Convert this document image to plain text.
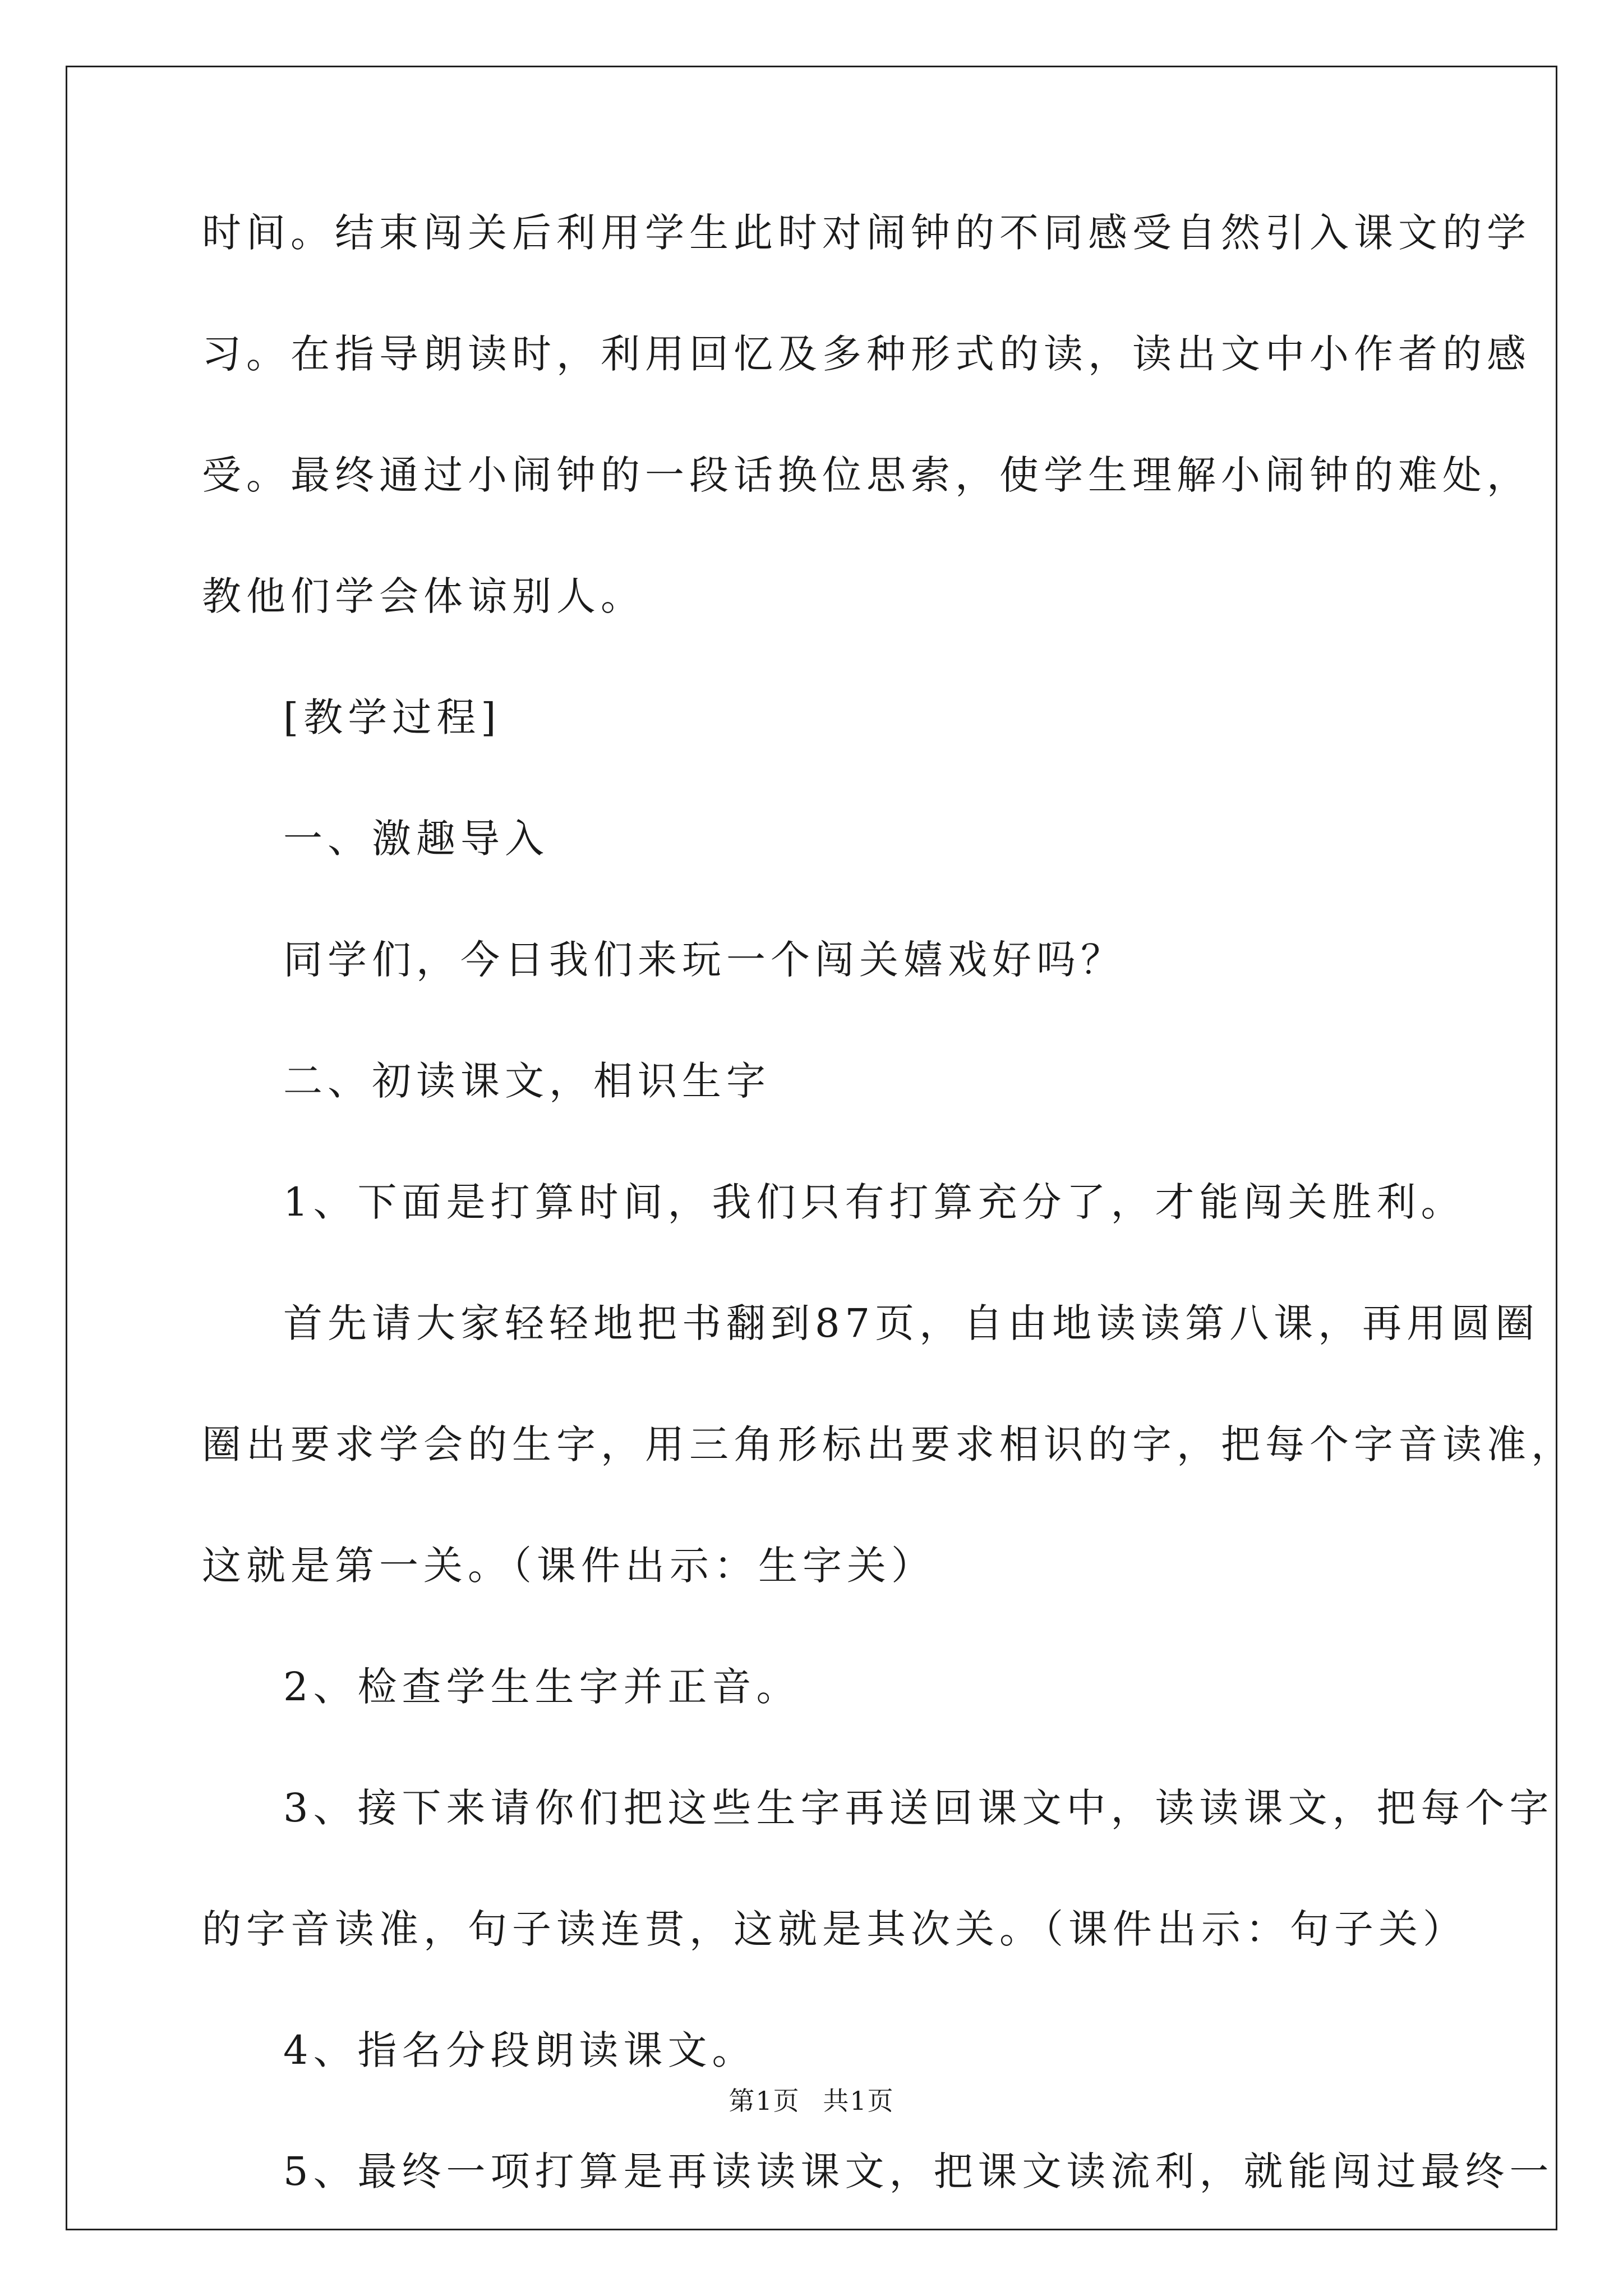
时间。结束闯关后利用学生此时对闹钟的不同感受自然引入课文的学
习。在指导朗读时，利用回忆及多种形式的读，读出文中小作者的感
受。最终通过小闹钟的一段话换位思索，使学生理解小闹钟的难处，
教他们学会体谅别人。
[教学过程]
一、激趣导入
同学们，今日我们来玩一个闯关嬉戏好吗？
二、初读课文，相识生字
1、下面是打算时间，我们只有打算充分了，才能闯关胜利。
首先请大家轻轻地把书翻到87页，自由地读读第八课，再用圆圈
圈出要求学会的生字，用三角形标出要求相识的字，把每个字音读准，
这就是第一关。（课件出示：生字关）
2、检查学生生字并正音。
3、接下来请你们把这些生字再送回课文中，读读课文，把每个字
的字音读准，句子读连贯，这就是其次关。（课件出示：句子关）
4、指名分段朗读课文。
5、最终一项打算是再读读课文，把课文读流利，就能闯过最终一
第1页 共1页
